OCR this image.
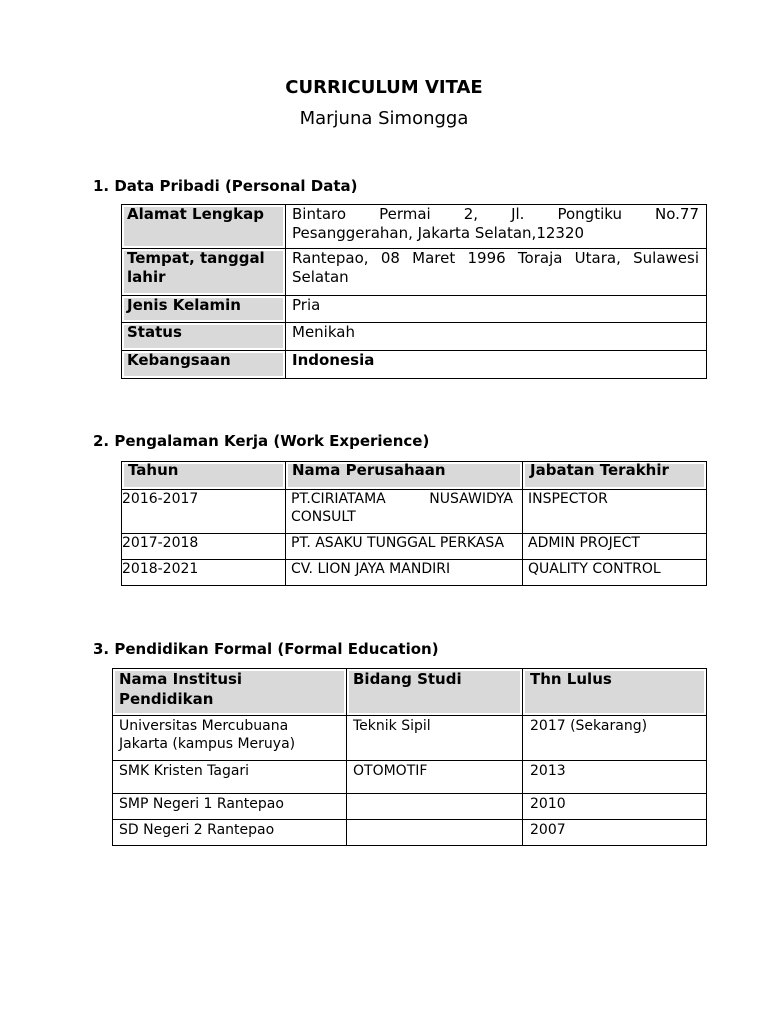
CURRICULUM VITAE
Marjuna Simongga
1. Data Pribadi (Personal Data)
Alamat Lengkap	Bintaro Permai 2, Jl. Pongtiku No.77
Pesanggerahan, Jakarta Selatan,12320

Tempat, tanggal lahir	Rantepao, 08 Maret 1996 Toraja Utara, Sulawesi Selatan
Jenis Kelamin	Pria
Status	Menikah
Kebangsaan	Indonesia
2. Pengalaman Kerja (Work Experience)
Tahun	Nama Perusahaan	Jabatan Terakhir
2016-2017	PT.CIRIATAMA NUSAWIDYA CONSULT	INSPECTOR
2017-2018	PT. ASAKU TUNGGAL PERKASA	ADMIN PROJECT
2018-2021	CV. LION JAYA MANDIRI	QUALITY CONTROL
3. Pendidikan Formal (Formal Education)
Nama Institusi Pendidikan	Bidang Studi	Thn Lulus
Universitas Mercubuana Jakarta (kampus Meruya)	Teknik Sipil	2017 (Sekarang)
SMK Kristen Tagari	OTOMOTIF	2013
SMP Negeri 1 Rantepao		2010
SD Negeri 2 Rantepao		2007
